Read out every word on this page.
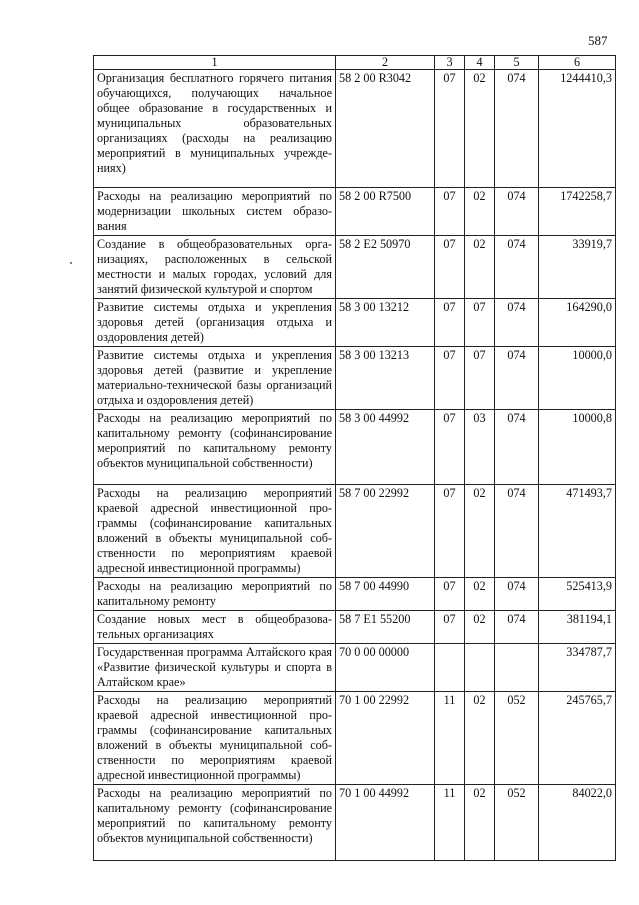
587
1	2	3	4	5	6
Организация бесплатного горячего питания обучающихся, получающих начальное общее образование в государственных и муниципальных образовательных организациях (расходы на реализацию мероприятий в муниципальных учреждениях)	58 2 00 R3042	07	02	074	1244410,3
Расходы на реализацию мероприятий по модернизации школьных систем образования	58 2 00 R7500	07	02	074	1742258,7
Создание в общеобразовательных организациях, расположенных в сельской местности и малых городах, условий для занятий физической культурой и спортом	58 2 E2 50970	07	02	074	33919,7
Развитие системы отдыха и укрепления здоровья детей (организация отдыха и оздоровления детей)	58 3 00 13212	07	07	074	164290,0
Развитие системы отдыха и укрепления здоровья детей (развитие и укрепление материально-технической базы организаций отдыха и оздоровления детей)	58 3 00 13213	07	07	074	10000,0
Расходы на реализацию мероприятий по капитальному ремонту (софинансирование мероприятий по капитальному ремонту объектов муниципальной собственности)	58 3 00 44992	07	03	074	10000,8
Расходы на реализацию мероприятий краевой адресной инвестиционной программы (софинансирование капитальных вложений в объекты муниципальной собственности по мероприятиям краевой адресной инвестиционной программы)	58 7 00 22992	07	02	074	471493,7
Расходы на реализацию мероприятий по капитальному ремонту	58 7 00 44990	07	02	074	525413,9
Создание новых мест в общеобразовательных организациях	58 7 E1 55200	07	02	074	381194,1
Государственная программа Алтайского края «Развитие физической культуры и спорта в Алтайском крае»	70 0 00 00000				334787,7
Расходы на реализацию мероприятий краевой адресной инвестиционной программы (софинансирование капитальных вложений в объекты муниципальной собственности по мероприятиям краевой адресной инвестиционной программы)	70 1 00 22992	11	02	052	245765,7
Расходы на реализацию мероприятий по капитальному ремонту (софинансирование мероприятий по капитальному ремонту объектов муниципальной собственности)	70 1 00 44992	11	02	052	84022,0
